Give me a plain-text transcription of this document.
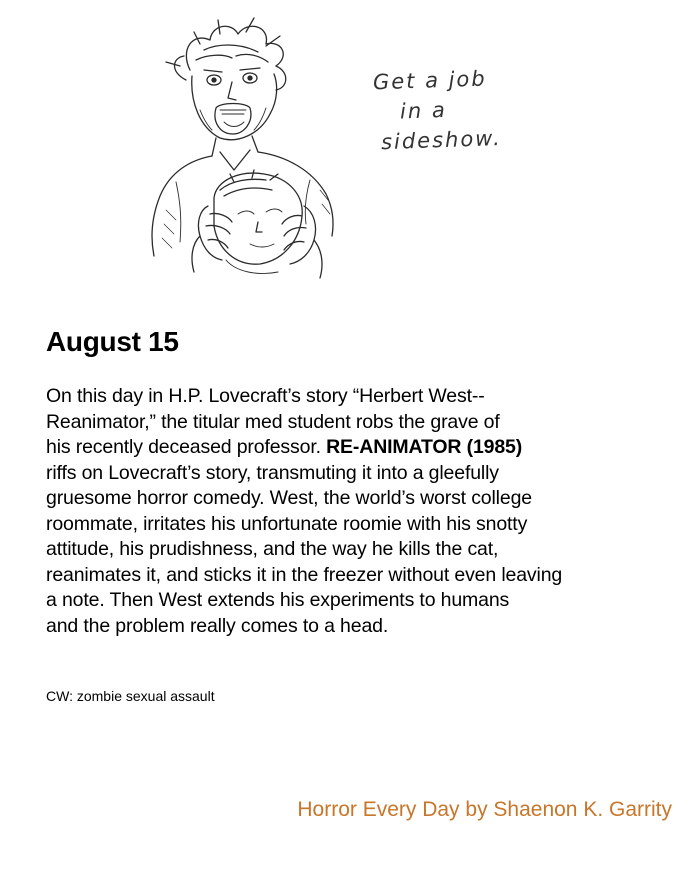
Get a job
in a
sideshow.
August 15
On this day in H.P. Lovecraft’s story “Herbert West--
Reanimator,” the titular med student robs the grave of
his recently deceased professor. RE-ANIMATOR (1985)
riffs on Lovecraft’s story, transmuting it into a gleefully
gruesome horror comedy. West, the world’s worst college
roommate, irritates his unfortunate roomie with his snotty
attitude, his prudishness, and the way he kills the cat,
reanimates it, and sticks it in the freezer without even leaving
a note. Then West extends his experiments to humans
and the problem really comes to a head.

CW: zombie sexual assault

Horror Every Day by Shaenon K. Garrity
